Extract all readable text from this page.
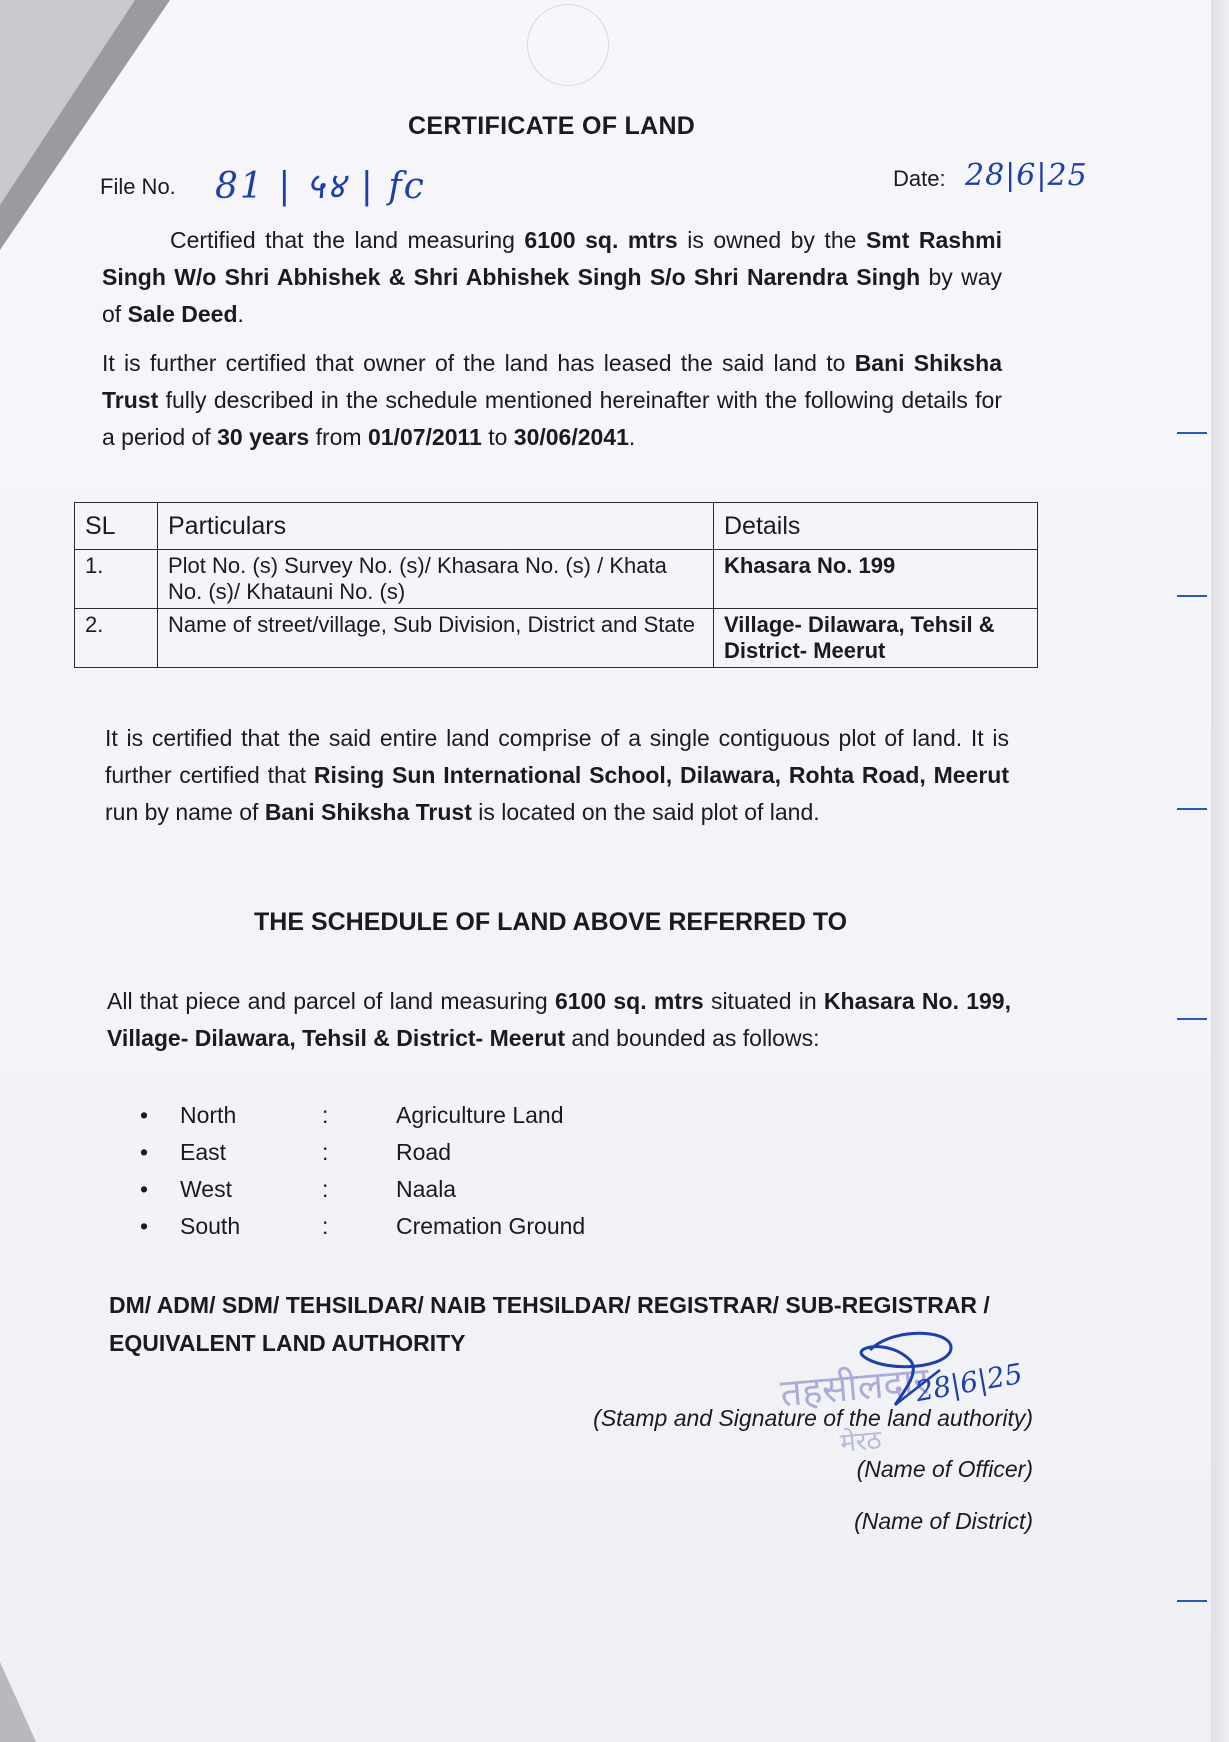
CERTIFICATE OF LAND
File No. 81 | ५४ | fc	Date: 28|6|25
Certified that the land measuring 6100 sq. mtrs is owned by the Smt Rashmi Singh W/o Shri Abhishek & Shri Abhishek Singh S/o Shri Narendra Singh by way of Sale Deed.
It is further certified that owner of the land has leased the said land to Bani Shiksha Trust fully described in the schedule mentioned hereinafter with the following details for a period of 30 years from 01/07/2011 to 30/06/2041.
SL	Particulars	Details
1.	Plot No. (s) Survey No. (s)/ Khasara No. (s) / Khata No. (s)/ Khatauni No. (s)	Khasara No. 199
2.	Name of street/village, Sub Division, District and State	Village- Dilawara, Tehsil & District- Meerut
It is certified that the said entire land comprise of a single contiguous plot of land. It is further certified that Rising Sun International School, Dilawara, Rohta Road, Meerut run by name of Bani Shiksha Trust is located on the said plot of land.
THE SCHEDULE OF LAND ABOVE REFERRED TO
All that piece and parcel of land measuring 6100 sq. mtrs situated in Khasara No. 199, Village- Dilawara, Tehsil & District- Meerut and bounded as follows:
• North	:	Agriculture Land
• East	:	Road
• West	:	Naala
• South	:	Cremation Ground
DM/ ADM/ SDM/ TEHSILDAR/ NAIB TEHSILDAR/ REGISTRAR/ SUB-REGISTRAR / EQUIVALENT LAND AUTHORITY
तहसीलदार
मेरठ
28|6|25
(Stamp and Signature of the land authority)
(Name of Officer)
(Name of District)
